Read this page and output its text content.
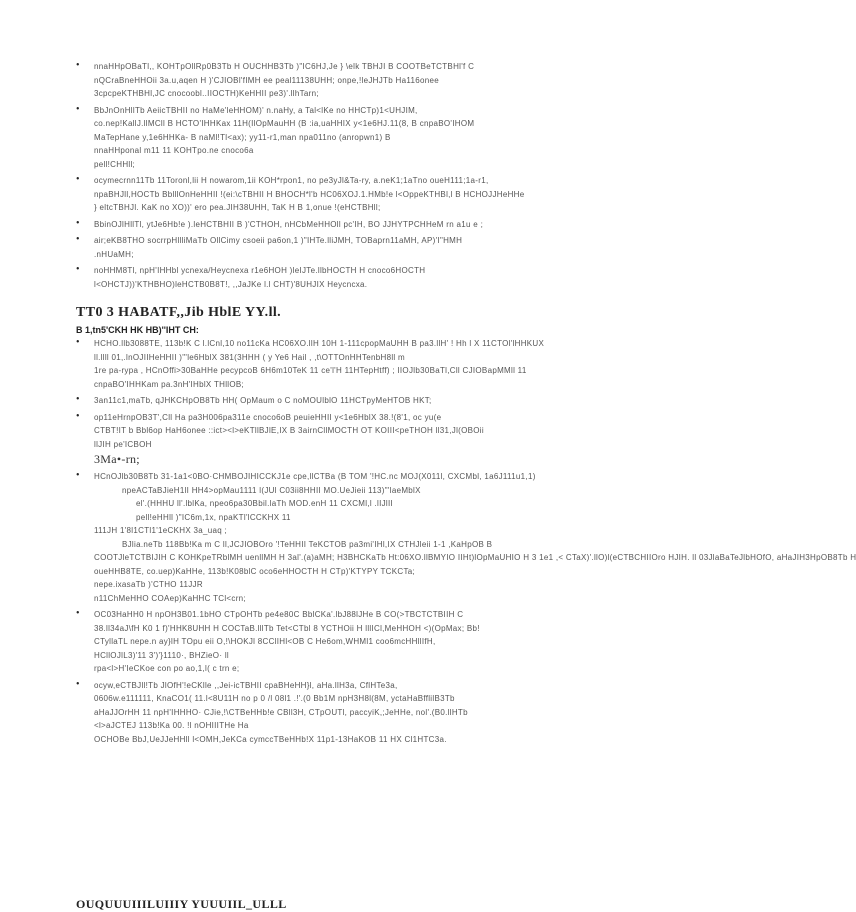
• nnaHHpOBaTl,, KOHTpOllRp0B3Tb H OUCHHB3Tb )"IC6HJ,Je } \elk TBHJI B COOTBeTCTBHl'f C
nQCraBneHHOii 3a.u,aqen H )'CJIOBl'fIMH ee peal11138UHH; onpe,!leJHJTb Ha116onee
3cpcpeKTHBHl,JC cnocoobl..IIOCTH)KeHHII pe3)'.llhTarn;
• BbJnOnHllTb AeiicTBHII no HaMe'leHHOM)' n.naHy, a Tal<lKe no HHCTp)1<UHJIM,
co.nep!KallJ.llMCll B HCTO'IHHKax 11H(IlOpMauHH (B :ia,uaHHIX y<1e6HJ.11(8, B cnpaBO'IHOM
MaTepHane y,1e6HHKa- B naMl!Tl<ax); yy11-r1,man npa011no (anropwn1) B
nnaHHponal m11 11 KOHTpo.ne cnoco6a
pell!CHHll;
• ocymecrnn11Tb 11Toronl,lii H nowarom,1ii KOH*rpon1, no pe3yJl&Ta-ry, a.neK1;1aTno oueH111;1a-r1,
npaBHJll,HOCTb BblllOnHeHHII !(ei:\cTBHII H BHOCH*l'b HC06XOJ.1.HMb!e l<OppeKTHBl,l B HCHOJJHeHHe
} eltcTBHJl. KaK no XO))' ero pea.JIH38UHH, TaK H B 1,onue !(eHCTBHll;
• BbinOJlHllTl, ytJe6Hb!e ).leHCTBHII B )'CTHOH, nHCbMeHHOll pc'IH, BO JJHYTPCHHeM rn a1u e ;
• air;eKB8THO socrrpHllliMaTb OllCimy csoeii pa6on,1 )"IHTe.lliJMH, TOBaprn11aMH, AP)'I"HMH
.nHUaMH;
• noHHM8Tl, npH'IHHbl ycnexa/Heycnexa r1e6HOH )leIJTe.llbHOCTH H cnoco6HOCTH
l<OHCTJ))'KTHBHO)leHCTB0B8T!, ,,JaJKe l.l CHT)'8UHJIX Heycncxa.
TT0 3 HABATF,,Jib HblE YY.ll.
B 1,tn5'CKH HK HB)''IHT CH:
• HCHO.llb3088TE, 113b!K C l.lCnl,10 no11cKa HC06XO.llH 10H 1-111cpopMaUHH B pa3.llH' ! Hh l X 11CTOl'lHHKUX
ll.llll 01,.lnOJIIHeHHII )"'le6HblX 381(3HHH ( y Ye6 Hail , ,t\OTTOnHHTenbH8ll m
1re pa-rypa , HCnOffi>30BaHHe pecypcoB 6H6m10TeK 11 ce'l'H 11HTepHtff) ; IIOJlb30BaTl,Cll CJIOBapMMll 11
cnpaBO'IHHKam pa.3nH'IHblX THllOB;
• 3an11c1,maTb, qJHKCHpOB8Tb HH( OpMaum o C noMOUlblO 11HCTpyMeHTOB HKT;
• op11eHrnpOB3T',Cll Ha pa3H006pa311e cnoco6oB peuieHHII y<1e6HblX 38.!(8'1, oc yu(e
CTBT!IT b Bbl6op HaH6onee ::ict><l>eKTllBJlE,IX B 3airnCllMOCTH OT KOIII<peTHOH ll31,Jl(OBOii
llJIH pe'ICBOH
3Ma•-rn;
• HCnOJlb30B8Tb 31-1a1<0BO·CHMBOJIHICCKJ1e cpe,llCTBa (B TOM '!HC.nc MOJ(X011l, CXCMbl, 1a6J111u1,1)
npeACTaBJieH1lI HH4>opMau1111 l(JUl C03ii8HHII MO.UeJieii 113)"'laeMblX
el'.(HHHU ll'.lblKa, npeo6pa30Bbil.laTh MOD.enH 11 CXCMl,l .lIJlII
pell!eHHll )"IC6m,1x, npaKTl'lCCKHX 11
111JH 1'8l1CTl1'1eCKHX 3a_uaq ;
BJlia.neTb 118Bb!Ka m C ll,JCJIOBOro '!TeHHII TeKCTOB pa3mi'IHl,IX CTHJleii 1-1 ,KaHpOB B
COOTJleTCTBIJIH C KOHKpeTRblMH uenllMH H 3al'.(a)aMH; H3BHCKaTb Ht:06XO.llBMYIO IIHt)lOpMaUHIO H 3 1e1 ,< CTaX)'.llO)l(eCTBCHIIOro HJIH. ll 03JlaBaTeJlbHOfO, aHaJIH3HpOB8Tb H
oueHHB8TE, co.uep)KaHHe, 113b!K08blC oco6eHHOCTH H CTp)'KTYPY TCKCTa;
nepe.ixasaTb )'CTHO 11JJR
n11ChMeHHO COAep)KaHHC TCl<crn;
• OC03HaHH0 H npOH3B01.1bHO CTpOHTb pe4e80C BblCKa'.lbJ88lJHe B CO(>TBCTCTBIIH C
38.ll34aJ\fH K0 1 f)'HHK8UHH H COCTaB.lllTb Tet<CTbl 8 YCTHOii H lllICl,MeHHOH <)(OpMax; Bb!
CTyllaTL nepe.n ay}lH TOpu eii O,!\HOKJl 8CClIHl<OB C He6om,WHMl1 coo6mcHHllIfH,
HCllOJlL3)'11 3')'}1110·, BHZieO· ll
rpa<l>H'IeCKoe con po ao,1,l( c trn e;
• ocyw,eCTBJll!Tb JlOfH'!eCKlle ,,Jei-icTBHII cpaBHeHH}l, aHa.llH3a, CflHTe3a,
0606w.e111111, KnaCO1( 11.l<8U11H no p 0 /l 08l1 .!'.(0 Bb1M npH3H8l(8M, yctaHaBfflilB3Tb
aHaJJOrHH 11 npH'IHHHO· CJie,!\CTBeHHb!e CBll3H, CTpOUTl, paccyiK,;JeHHe, nol'.(B0.llHTb
<l>aJCTEJ 113b!Ka 00. !l nOHIIITHe Ha
OCHOBe BbJ,UeJJeHHll l<OMH,JeKCa cymccTBeHHb!X 11p1-13HaKOB 11 HX Cl1HTC3a.
OUQUUUIIILUIIIY YUUUIIL_ULLL
